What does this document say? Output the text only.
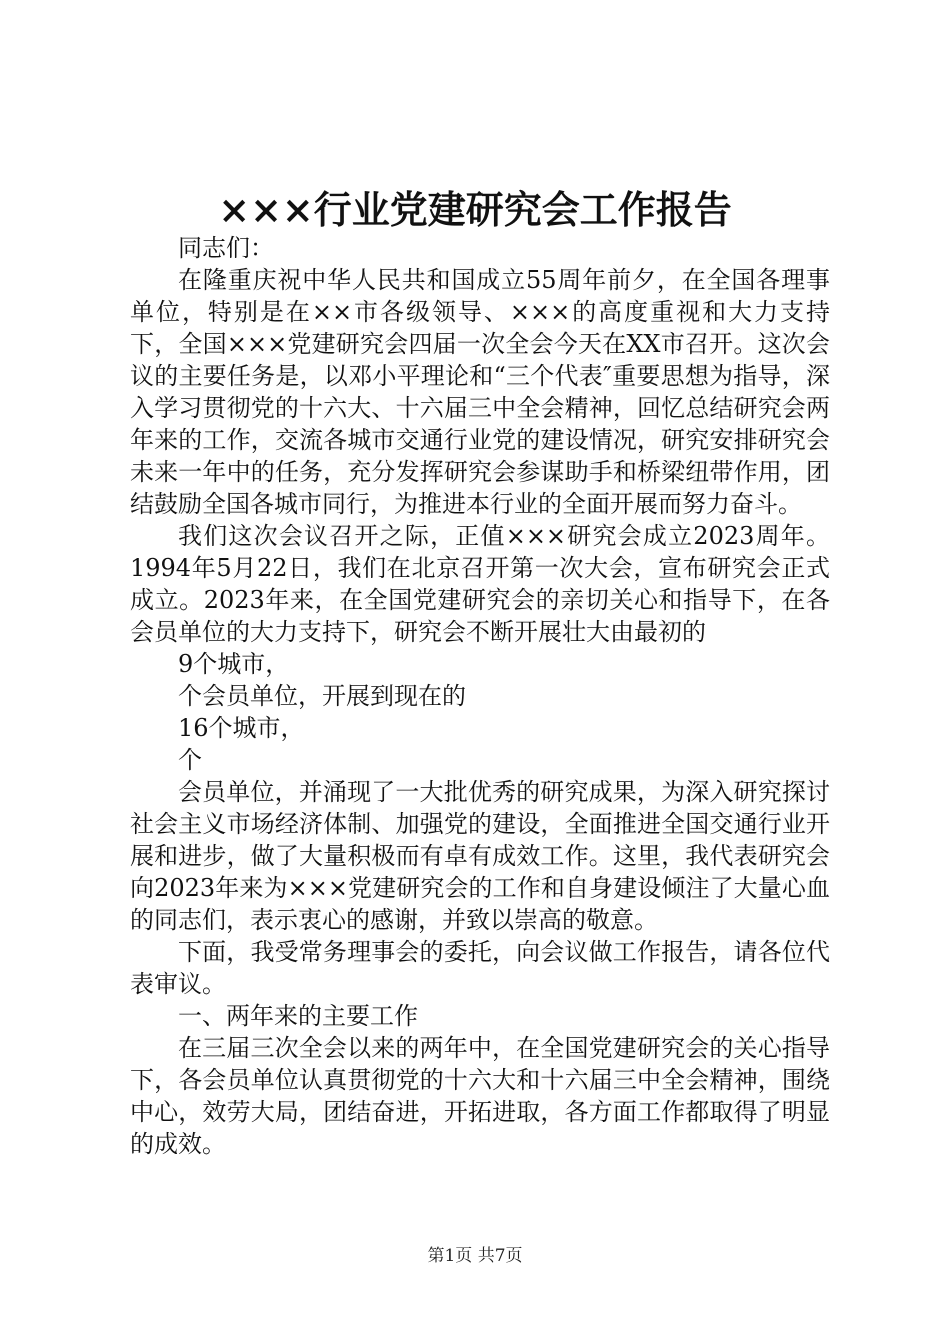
×××行业党建研究会工作报告

同志们：

在隆重庆祝中华人民共和国成立55周年前夕，在全国各理事单位，特别是在××市各级领导、×××的高度重视和大力支持下，全国×××党建研究会四届一次全会今天在XX市召开。这次会议的主要任务是，以邓小平理论和“三个代表″重要思想为指导，深入学习贯彻党的十六大、十六届三中全会精神，回忆总结研究会两年来的工作，交流各城市交通行业党的建设情况，研究安排研究会未来一年中的任务，充分发挥研究会参谋助手和桥梁纽带作用，团结鼓励全国各城市同行，为推进本行业的全面开展而努力奋斗。

我们这次会议召开之际，正值×××研究会成立2023周年。1994年5月22日，我们在北京召开第一次大会，宣布研究会正式成立。2023年来，在全国党建研究会的亲切关心和指导下，在各会员单位的大力支持下，研究会不断开展壮大由最初的

9个城市，

个会员单位，开展到现在的

16个城市，

个

会员单位，并涌现了一大批优秀的研究成果，为深入研究探讨社会主义市场经济体制、加强党的建设，全面推进全国交通行业开展和进步，做了大量积极而有卓有成效工作。这里，我代表研究会向2023年来为×××党建研究会的工作和自身建设倾注了大量心血的同志们，表示衷心的感谢，并致以崇高的敬意。

下面，我受常务理事会的委托，向会议做工作报告，请各位代表审议。

一、两年来的主要工作

在三届三次全会以来的两年中，在全国党建研究会的关心指导下，各会员单位认真贯彻党的十六大和十六届三中全会精神，围绕中心，效劳大局，团结奋进，开拓进取，各方面工作都取得了明显的成效。

第1页 共7页
